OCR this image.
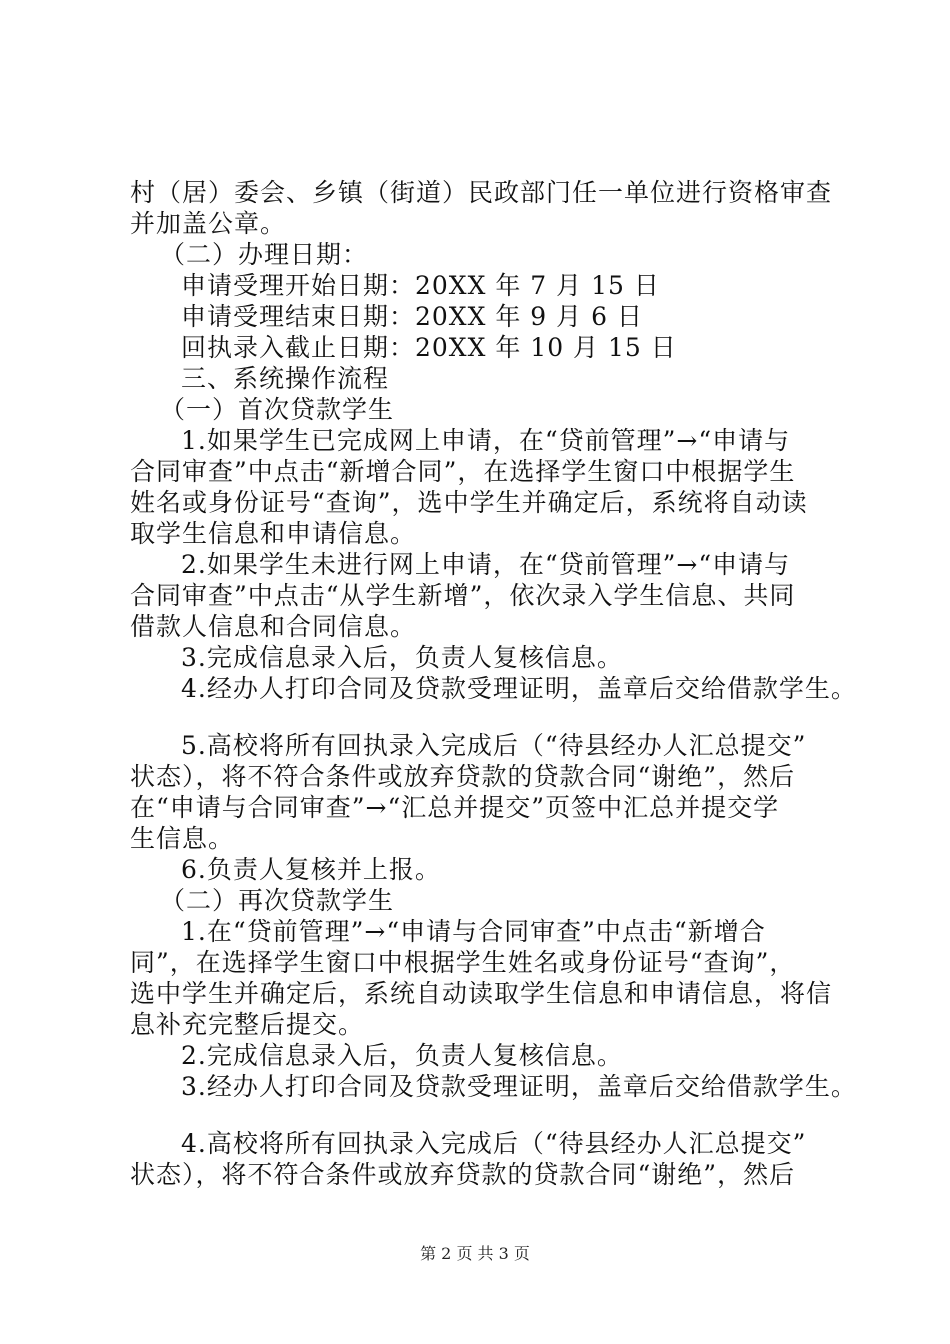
村（居）委会、乡镇（街道）民政部门任一单位进行资格审查
并加盖公章。
（二）办理日期：
申请受理开始日期：20XX 年 7 月 15 日
申请受理结束日期：20XX 年 9 月 6 日
回执录入截止日期：20XX 年 10 月 15 日
三、系统操作流程
（一）首次贷款学生
1.如果学生已完成网上申请，在“贷前管理”→“申请与
合同审查”中点击“新增合同”，在选择学生窗口中根据学生
姓名或身份证号“查询”，选中学生并确定后，系统将自动读
取学生信息和申请信息。
2.如果学生未进行网上申请，在“贷前管理”→“申请与
合同审查”中点击“从学生新增”，依次录入学生信息、共同
借款人信息和合同信息。
3.完成信息录入后，负责人复核信息。
4.经办人打印合同及贷款受理证明，盖章后交给借款学生。
5.高校将所有回执录入完成后（“待县经办人汇总提交”
状态），将不符合条件或放弃贷款的贷款合同“谢绝”，然后
在“申请与合同审查”→“汇总并提交”页签中汇总并提交学
生信息。
6.负责人复核并上报。
（二）再次贷款学生
1.在“贷前管理”→“申请与合同审查”中点击“新增合
同”，在选择学生窗口中根据学生姓名或身份证号“查询”，
选中学生并确定后，系统自动读取学生信息和申请信息，将信
息补充完整后提交。
2.完成信息录入后，负责人复核信息。
3.经办人打印合同及贷款受理证明，盖章后交给借款学生。
4.高校将所有回执录入完成后（“待县经办人汇总提交”
状态），将不符合条件或放弃贷款的贷款合同“谢绝”，然后
第 2 页 共 3 页
